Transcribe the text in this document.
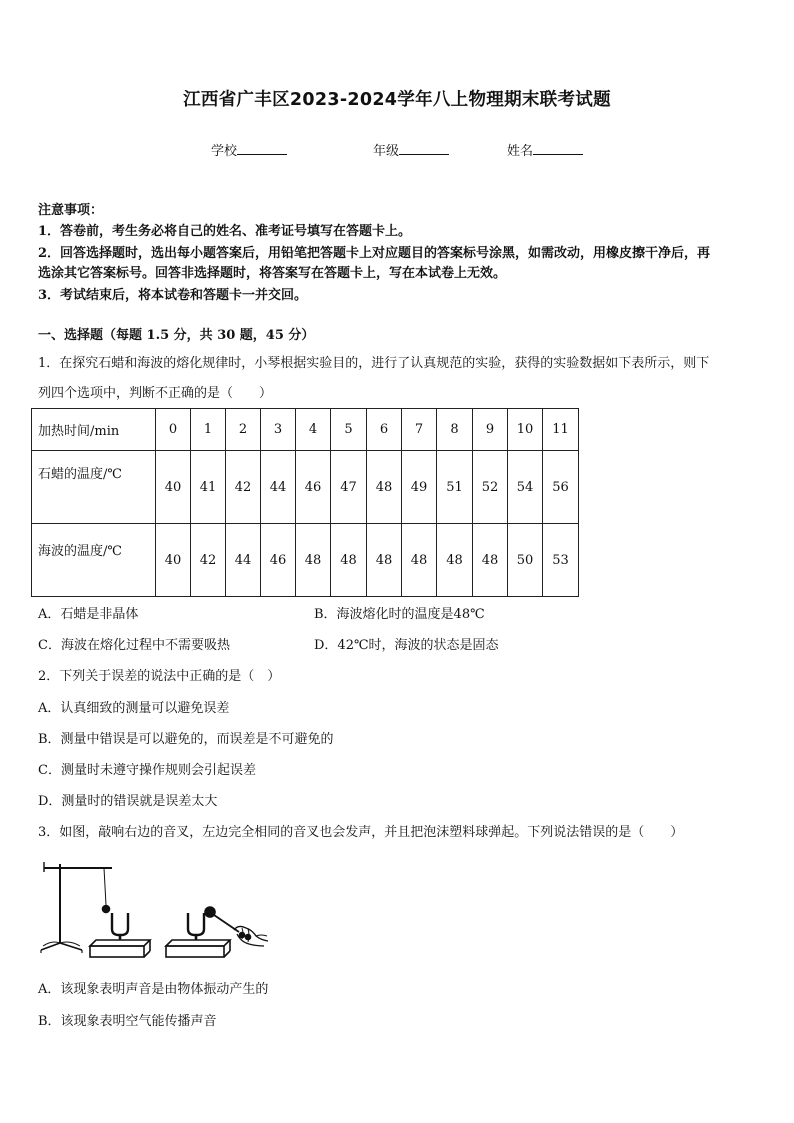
江西省广丰区2023-2024学年八上物理期末联考试题
学校	年级	姓名
注意事项：
1．答卷前，考生务必将自己的姓名、准考证号填写在答题卡上。
2．回答选择题时，选出每小题答案后，用铅笔把答题卡上对应题目的答案标号涂黑，如需改动，用橡皮擦干净后，再
选涂其它答案标号。回答非选择题时，将答案写在答题卡上，写在本试卷上无效。
3．考试结束后，将本试卷和答题卡一并交回。
一、选择题（每题 1.5 分，共 30 题，45 分）
1．在探究石蜡和海波的熔化规律时，小琴根据实验目的，进行了认真规范的实验，获得的实验数据如下表所示，则下
列四个选项中，判断不正确的是（　　）
加热时间/min	0	1	2	3	4	5	6	7	8	9	10	11
石蜡的温度/℃	40	41	42	44	46	47	48	49	51	52	54	56
海波的温度/℃	40	42	44	46	48	48	48	48	48	48	50	53
A．石蜡是非晶体	B．海波熔化时的温度是48℃
C．海波在熔化过程中不需要吸热	D．42℃时，海波的状态是固态
2．下列关于误差的说法中正确的是（　）
A．认真细致的测量可以避免误差
B．测量中错误是可以避免的，而误差是不可避免的
C．测量时未遵守操作规则会引起误差
D．测量时的错误就是误差太大
3．如图，敲响右边的音叉，左边完全相同的音叉也会发声，并且把泡沫塑料球弹起。下列说法错误的是（　　）
A．该现象表明声音是由物体振动产生的
B．该现象表明空气能传播声音
